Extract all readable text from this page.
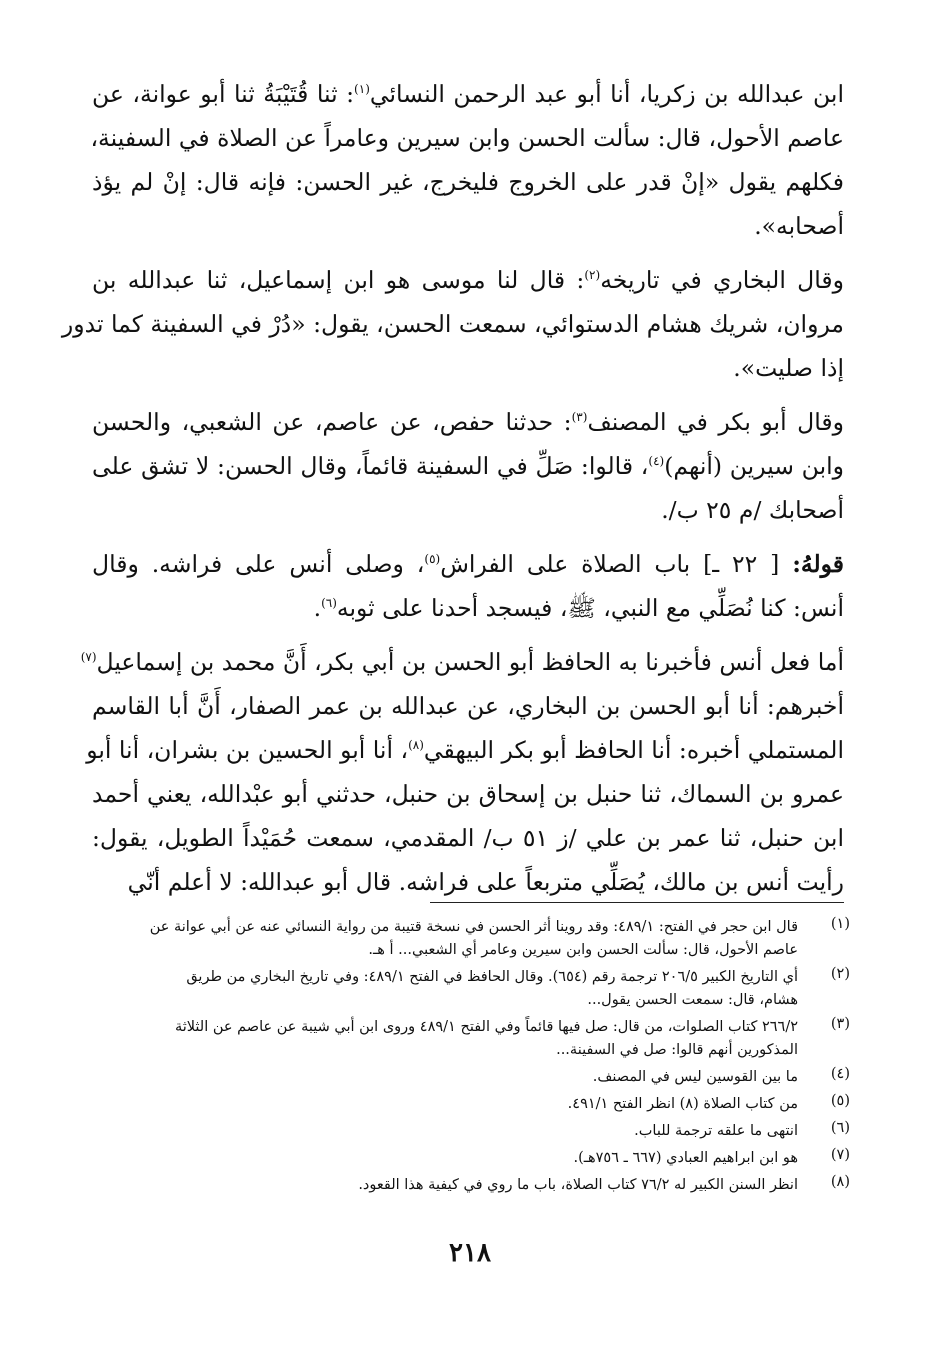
ابن عبدالله بن زكريا، أنا أبو عبد الرحمن النسائي$^{(١)}$: ثنا قُتَيْبَةُ ثنا أبو عوانة، عن
عاصم الأحول، قال: سألت الحسن وابن سيرين وعامراً عن الصلاة في السفينة،
فكلهم يقول «إنْ قدر على الخروج فليخرج، غير الحسن: فإنه قال: إنْ لم يؤذ
أصحابه».
وقال البخاري في تاريخه$^{(٢)}$: قال لنا موسى هو ابن إسماعيل، ثنا عبدالله بن
مروان، شريك هشام الدستوائي، سمعت الحسن، يقول: «دُرْ في السفينة كما تدور
إذا صليت».
وقال أبو بكر في المصنف$^{(٣)}$: حدثنا حفص، عن عاصم، عن الشعبي، والحسن
وابن سيرين (أنهم)$^{(٤)}$، قالوا: صَلِّ في السفينة قائماً، وقال الحسن: لا تشق على
أصحابك /م ٢٥ ب/.
قولهُ: [ ٢٢ ـ] باب الصلاة على الفراش$^{(٥)}$، وصلى أنس على فراشه. وقال
أنس: كنا نُصَلِّي مع النبي، ﷺ، فيسجد أحدنا على ثوبه$^{(٦)}$.
أما فعل أنس فأخبرنا به الحافظ أبو الحسن بن أبي بكر، أَنَّ محمد بن إسماعيل$^{(٧)}$
أخبرهم: أنا أبو الحسن بن البخاري، عن عبدالله بن عمر الصفار، أَنَّ أبا القاسم
المستملي أخبره: أنا الحافظ أبو بكر البيهقي$^{(٨)}$، أنا أبو الحسين بن بشران، أنا أبو
عمرو بن السماك، ثنا حنبل بن إسحاق بن حنبل، حدثني أبو عبْدالله، يعني أحمد
ابن حنبل، ثنا عمر بن علي /ز ٥١ ب/ المقدمي، سمعت حُمَيْداً الطويل، يقول:
رأيت أنس بن مالك، يُصَلِّي متربعاً على فراشه. قال أبو عبدالله: لا أعلم أنّي
(١)
قال ابن حجر في الفتح: ٤٨٩/١: وقد روينا أثر الحسن في نسخة قتيبة من رواية النسائي عنه عن أبي عوانة عن
عاصم الأحول، قال: سألت الحسن وابن سيرين وعامر أي الشعبي... أ هـ.
(٢)
أي التاريخ الكبير ٢٠٦/٥ ترجمة رقم (٦٥٤). وقال الحافظ في الفتح ٤٨٩/١: وفي تاريخ البخاري من طريق
هشام، قال: سمعت الحسن يقول...
(٣)
٢٦٦/٢ كتاب الصلوات، من قال: صل فيها قائماً وفي الفتح ٤٨٩/١ وروى ابن أبي شيبة عن عاصم عن الثلاثة
المذكورين أنهم قالوا: صل في السفينة...
(٤)
ما بين القوسين ليس في المصنف.
(٥)
من كتاب الصلاة (٨) انظر الفتح ٤٩١/١.
(٦)
انتهى ما علقه ترجمة للباب.
(٧)
هو ابن ابراهيم العبادي (٦٦٧ ـ ٧٥٦هـ).
(٨)
انظر السنن الكبير له ٧٦/٢ كتاب الصلاة، باب ما روي في كيفية هذا القعود.
٢١٨
